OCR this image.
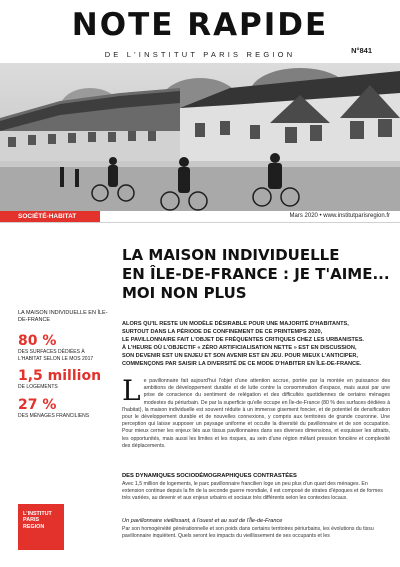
NOTE RAPIDE
DE L'INSTITUT PARIS REGION	N°841
SOCIÉTÉ-HABITAT	Mars 2020 • www.institutparisregion.fr
LA MAISON INDIVIDUELLE
EN ÎLE-DE-FRANCE : JE T'AIME...
MOI NON PLUS
LA MAISON INDIVIDUELLE EN ÎLE-DE-FRANCE
80 %
DES SURFACES DÉDIÉES À L'HABITAT SELON LE MOS 2017
1,5 million
DE LOGEMENTS
27 %
DES MÉNAGES FRANCILIENS
ALORS QU'IL RESTE UN MODÈLE DÉSIRABLE POUR UNE MAJORITÉ D'HABITANTS,
SURTOUT DANS LA PÉRIODE DE CONFINEMENT DE CE PRINTEMPS 2020,
LE PAVILLONNAIRE FAIT L'OBJET DE FRÉQUENTES CRITIQUES CHEZ LES URBANISTES.
À L'HEURE OÙ L'OBJECTIF « ZÉRO ARTIFICIALISATION NETTE » EST EN DISCUSSION,
SON DEVENIR EST UN ENJEU ET SON AVENIR EST EN JEU. POUR MIEUX L'ANTICIPER,
COMMENÇONS PAR SAISIR LA DIVERSITÉ DE CE MODE D'HABITER EN ÎLE-DE-FRANCE.
L e pavillonnaire fait aujourd'hui l'objet d'une attention accrue, portée par la montée en puissance des ambitions de développement durable et de lutte contre la consommation d'espace, mais aussi par une prise de conscience du sentiment de relégation et des difficultés quotidiennes de certains ménages modestes du périurbain. De par la superficie qu'elle occupe en Île-de-France (80 % des surfaces dédiées à l'habitat), la maison individuelle est souvent réduite à un immense gisement foncier, et de potentiel de densification pour le développement durable et de nouvelles connexions, y compris aux territoires de grande couronne. Une perception qui laisse supposer un paysage uniforme et occulte la diversité du pavillonnaire et de son occupation. Pour mieux cerner les enjeux liés aux tissus pavillonnaires dans ses diverses dimensions, et esquisser les attraits, les opportunités, mais aussi les limites et les risques, au sein d'une région mêlant pression foncière et complexité des déplacements.
DES DYNAMIQUES SOCIODÉMOGRAPHIQUES CONTRASTÉES
Avec 1,5 million de logements, le parc pavillonnaire francilien loge un peu plus d'un quart des ménages. En extension continue depuis la fin de la seconde guerre mondiale, il est composé de strates d'époques et de formes très variées, au devenir et aux enjeux urbains et sociaux très différents selon les contextes locaux.
Un pavillonnaire vieillissant, à l'ouest et au sud de l'Île-de-France
Par son homogénéité générationnelle et son poids dans certains territoires périurbains, les évolutions du tissu pavillonnaire inquiètent. Quels seront les impacts du vieillissement de ses occupants et les
L'INSTITUT
PARIS
REGION
